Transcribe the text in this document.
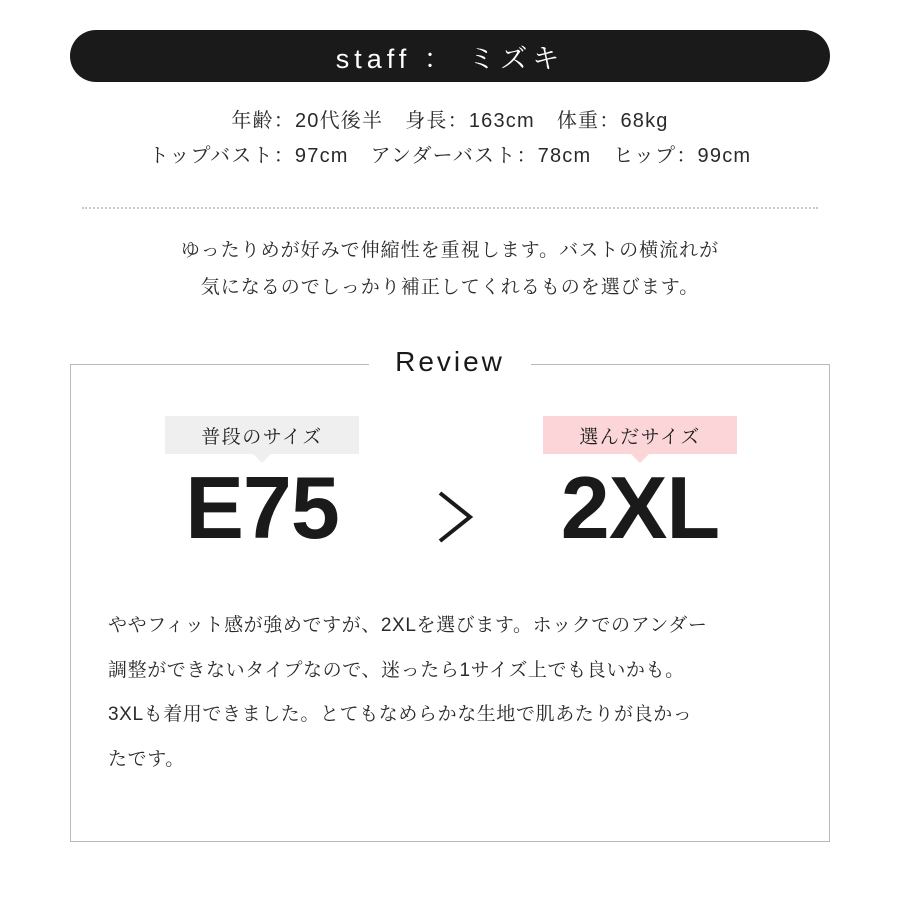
staff ： ミズキ
年齢：20代後半 身長：163cm 体重：68kg
トップバスト：97cm アンダーバスト：78cm ヒップ：99cm
ゆったりめが好みで伸縮性を重視します。バストの横流れが
気になるのでしっかり補正してくれるものを選びます。
Review
普段のサイズ
E75
選んだサイズ
2XL

ややフィット感が強めですが、2XLを選びます。ホックでのアンダー

調整ができないタイプなので、迷ったら1サイズ上でも良いかも。

3XLも着用できました。とてもなめらかな生地で肌あたりが良かっ

たです。
